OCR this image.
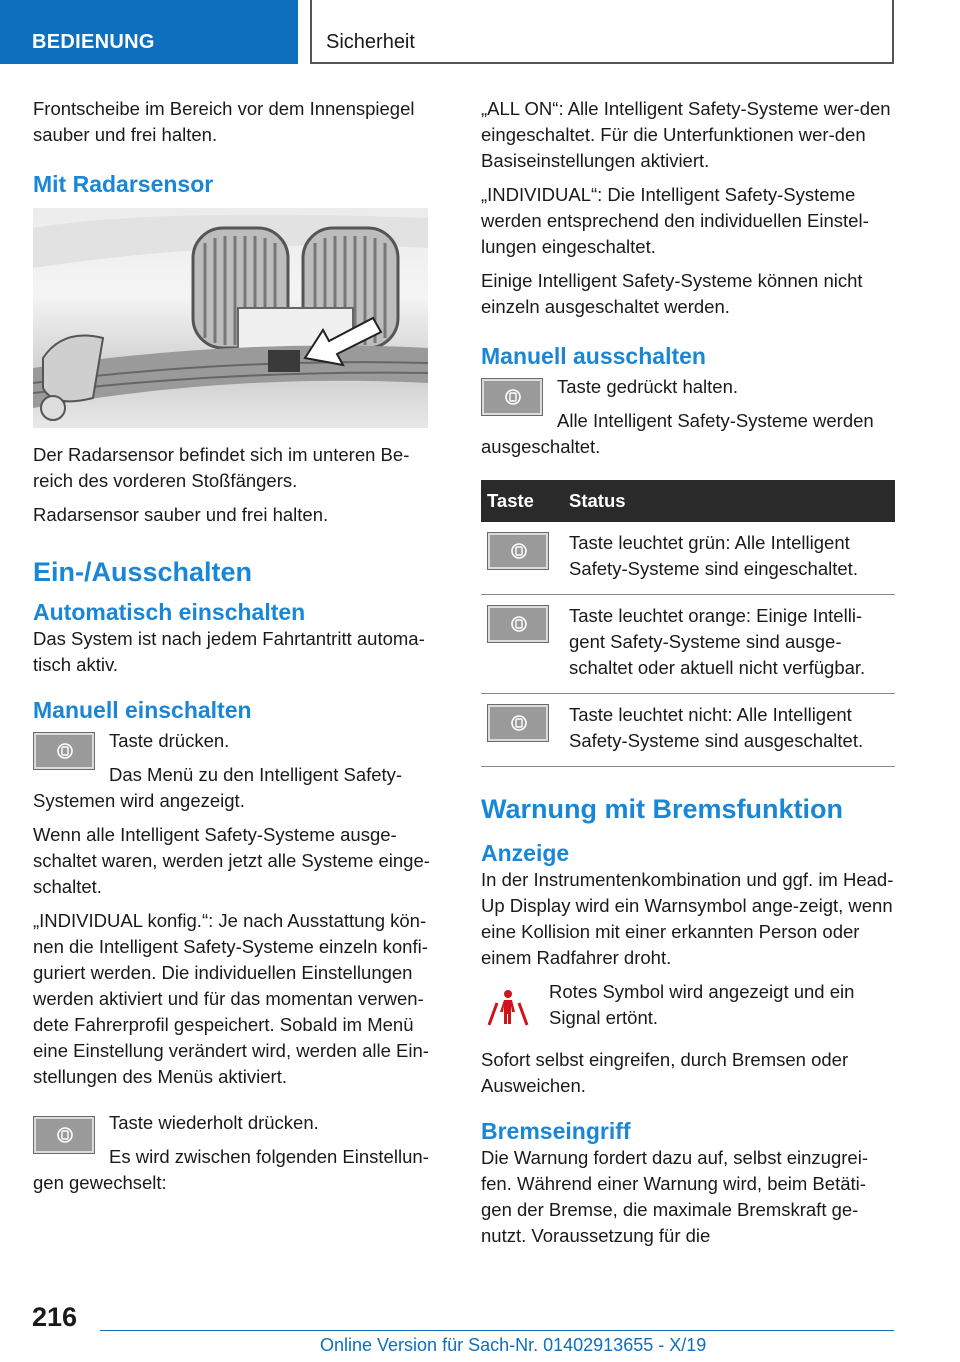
BEDIENUNG	Sicherheit

Frontscheibe im Bereich vor dem Innenspiegel sauber und frei halten.

Mit Radarsensor

Der Radarsensor befindet sich im unteren Be-reich des vorderen Stoßfängers.

Radarsensor sauber und frei halten.

Ein-/Ausschalten
Automatisch einschalten

Das System ist nach jedem Fahrtantritt automa-tisch aktiv.

Manuell einschalten

Taste drücken.

Das Menü zu den Intelligent Safety-Systemen wird angezeigt.

Wenn alle Intelligent Safety-Systeme ausge-schaltet waren, werden jetzt alle Systeme einge-schaltet.

„INDIVIDUAL konfig.“: Je nach Ausstattung kön-nen die Intelligent Safety-Systeme einzeln konfi-guriert werden. Die individuellen Einstellungen werden aktiviert und für das momentan verwen-dete Fahrerprofil gespeichert. Sobald im Menü eine Einstellung verändert wird, werden alle Ein-stellungen des Menüs aktiviert.

Taste wiederholt drücken.

Es wird zwischen folgenden Einstellun-gen gewechselt:

„ALL ON“: Alle Intelligent Safety-Systeme wer-den eingeschaltet. Für die Unterfunktionen wer-den Basiseinstellungen aktiviert.

„INDIVIDUAL“: Die Intelligent Safety-Systeme werden entsprechend den individuellen Einstel-lungen eingeschaltet.

Einige Intelligent Safety-Systeme können nicht einzeln ausgeschaltet werden.

Manuell ausschalten

Taste gedrückt halten.

Alle Intelligent Safety-Systeme werden ausgeschaltet.

Taste	Status

	Taste leuchtet grün: Alle Intelligent Safety-Systeme sind eingeschaltet.

	Taste leuchtet orange: Einige Intelli-gent Safety-Systeme sind ausge-schaltet oder aktuell nicht verfügbar.

	Taste leuchtet nicht: Alle Intelligent Safety-Systeme sind ausgeschaltet.
Warnung mit Bremsfunktion
Anzeige

In der Instrumentenkombination und ggf. im Head-Up Display wird ein Warnsymbol ange-zeigt, wenn eine Kollision mit einer erkannten Person oder einem Radfahrer droht.

Rotes Symbol wird angezeigt und ein Signal ertönt.

Sofort selbst eingreifen, durch Bremsen oder Ausweichen.

Bremseingriff

Die Warnung fordert dazu auf, selbst einzugrei-fen. Während einer Warnung wird, beim Betäti-gen der Bremse, die maximale Bremskraft ge-nutzt. Voraussetzung für die

216
Online Version für Sach-Nr. 01402913655 - X/19
